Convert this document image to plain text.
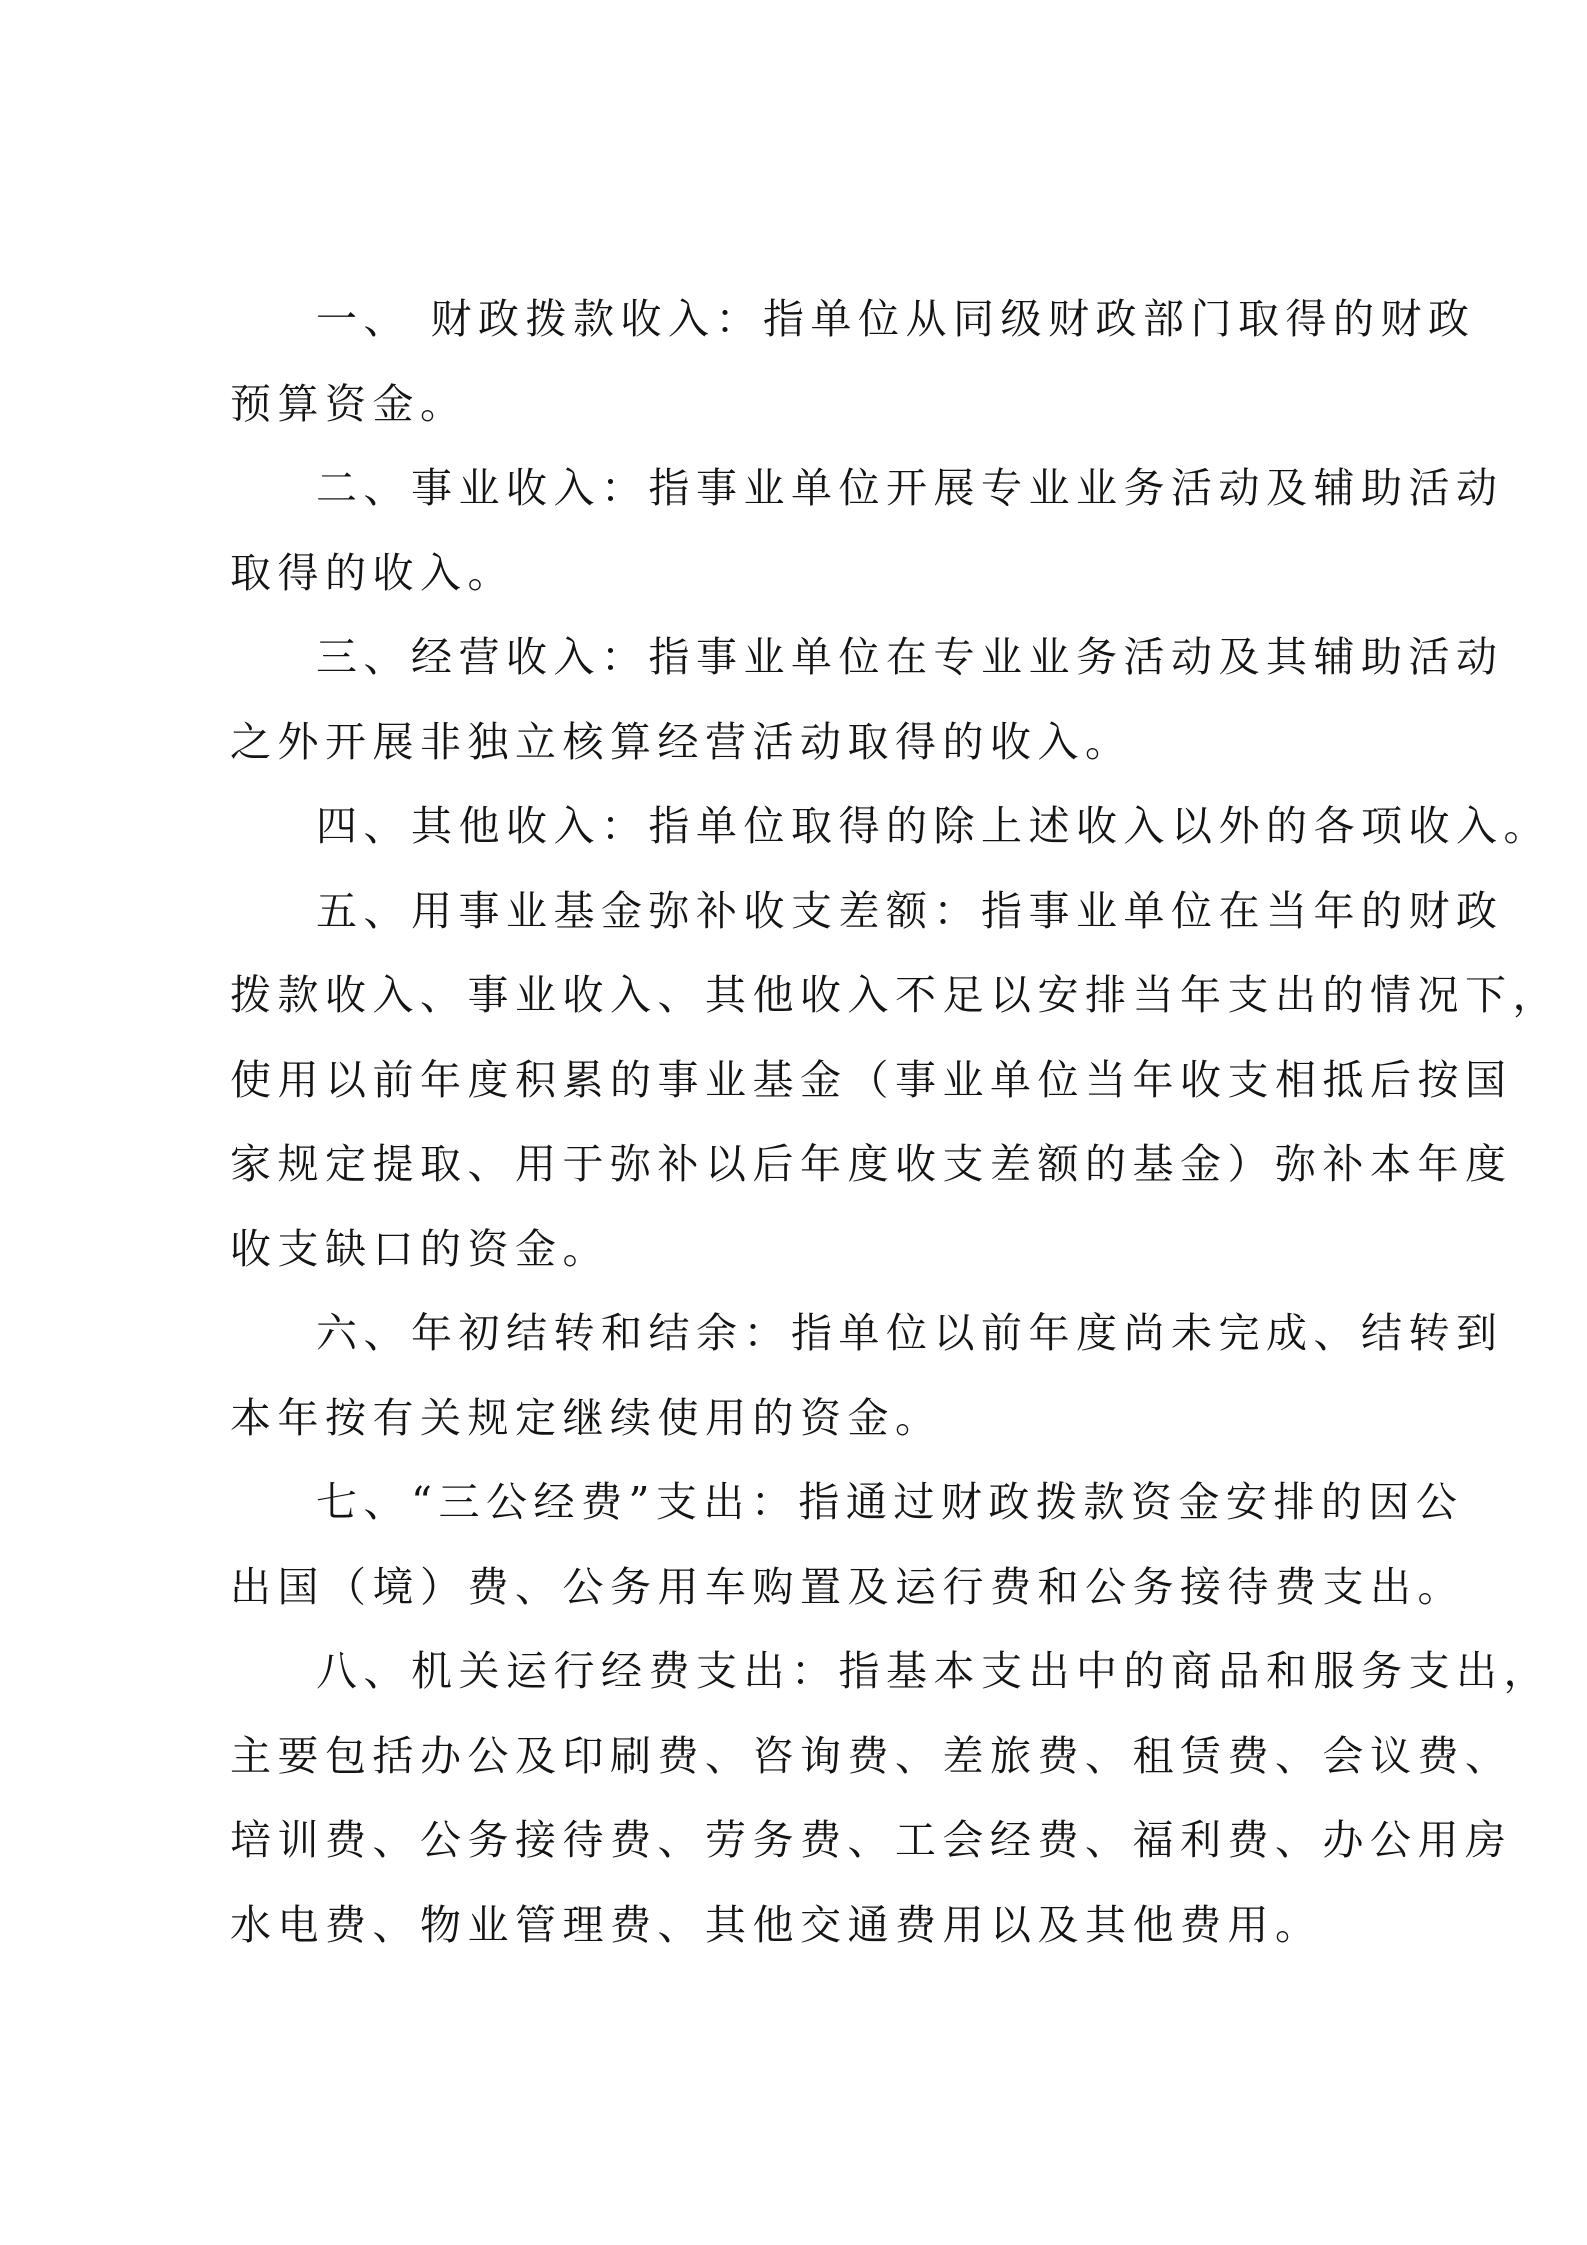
一、 财政拨款收入：指单位从同级财政部门取得的财政
预算资金。
二、事业收入：指事业单位开展专业业务活动及辅助活动
取得的收入。
三、经营收入：指事业单位在专业业务活动及其辅助活动
之外开展非独立核算经营活动取得的收入。
四、其他收入：指单位取得的除上述收入以外的各项收入。
五、用事业基金弥补收支差额：指事业单位在当年的财政
拨款收入、事业收入、其他收入不足以安排当年支出的情况下，
使用以前年度积累的事业基金（事业单位当年收支相抵后按国
家规定提取、用于弥补以后年度收支差额的基金）弥补本年度
收支缺口的资金。
六、年初结转和结余：指单位以前年度尚未完成、结转到
本年按有关规定继续使用的资金。
七、“三公经费”支出：指通过财政拨款资金安排的因公
出国（境）费、公务用车购置及运行费和公务接待费支出。
八、机关运行经费支出：指基本支出中的商品和服务支出，
主要包括办公及印刷费、咨询费、差旅费、租赁费、会议费、
培训费、公务接待费、劳务费、工会经费、福利费、办公用房
水电费、物业管理费、其他交通费用以及其他费用。
